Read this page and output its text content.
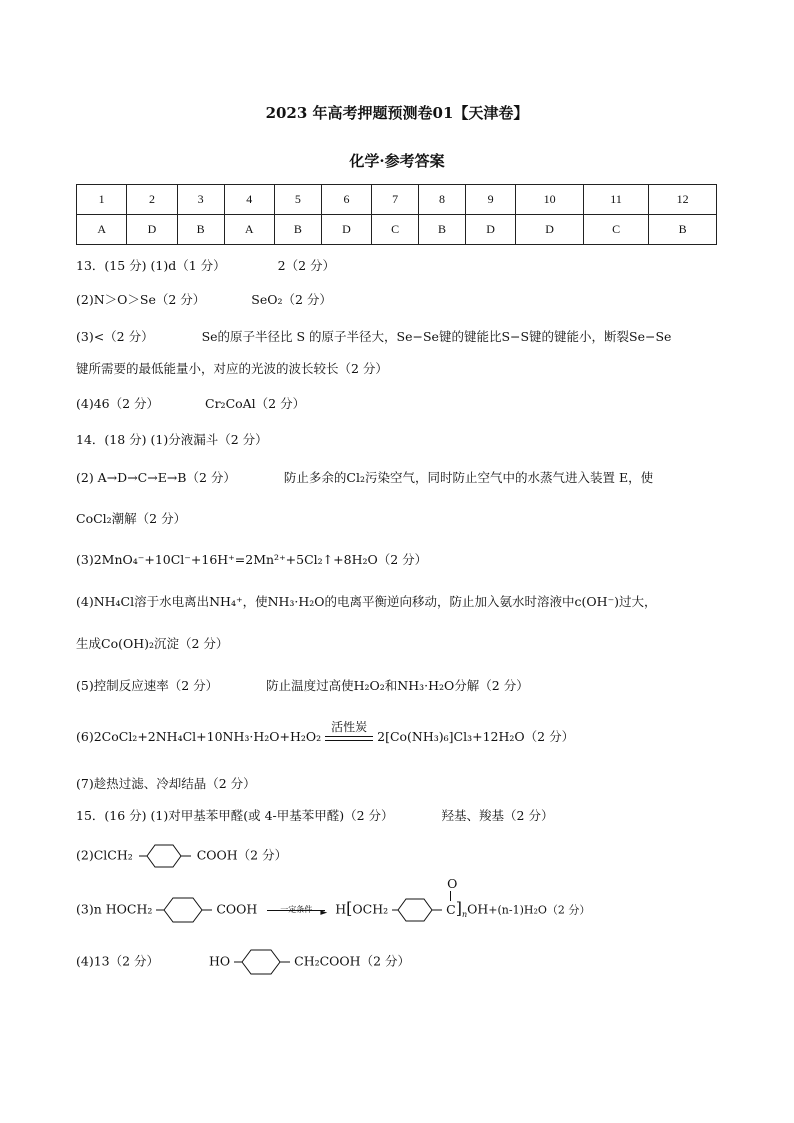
2023 年高考押题预测卷01【天津卷】
化学·参考答案
1	2	3	4	5	6	7	8	9	10	11	12
A	D	B	A	B	D	C	B	D	D	C	B
13．(15 分) (1)d（1 分）	2（2 分）
(2)N＞O＞Se（2 分）	SeO₂（2 分）
(3)<（2 分）	Se的原子半径比 S 的原子半径大，Se−Se键的键能比S−S键的键能小，断裂Se−Se
键所需要的最低能量小，对应的光波的波长较长（2 分）
(4)46（2 分）	Cr₂CoAl（2 分）
14．(18 分) (1)分液漏斗（2 分）
(2) A→D→C→E→B（2 分）	防止多余的Cl₂污染空气，同时防止空气中的水蒸气进入装置 E，使
CoCl₂潮解（2 分）
(3)2MnO₄⁻+10Cl⁻+16H⁺=2Mn²⁺+5Cl₂↑+8H₂O（2 分）
(4)NH₄Cl溶于水电离出NH₄⁺，使NH₃·H₂O的电离平衡逆向移动，防止加入氨水时溶液中c(OH⁻)过大，
生成Co(OH)₂沉淀（2 分）
(5)控制反应速率（2 分）	防止温度过高使H₂O₂和NH₃·H₂O分解（2 分）
(6)2CoCl₂+2NH₄Cl+10NH₃·H₂O+H₂O₂
活性炭
2[Co(NH₃)₆]Cl₃+12H₂O（2 分）
(7)趁热过滤、冷却结晶（2 分）
15．(16 分) (1)对甲基苯甲醛(或 4-甲基苯甲醛)（2 分）	羟基、羧基（2 分）
(2)ClCH₂	COOH（2 分）
(3)n HOCH₂	COOH	一定条件 ► H[OCH₂
O
$C]_nOH+(n-1)H_2O(2$ 分）
(4)13（2 分）	HO	CH₂COOH（2 分）
